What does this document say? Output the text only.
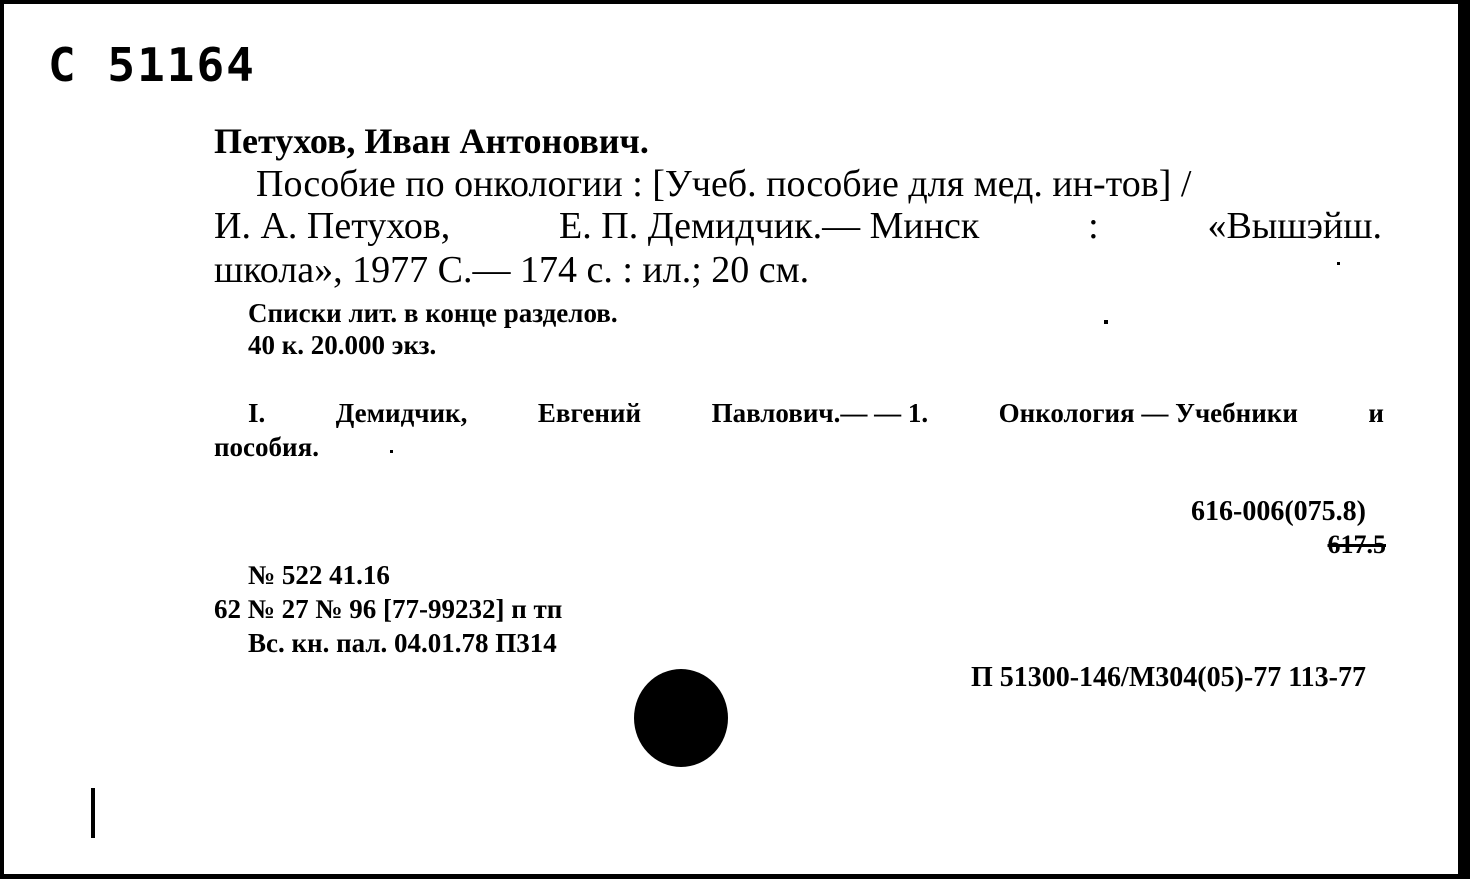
С 51164
Петухов, Иван Антонович.
Пособие по онкологии : [Учеб. пособие для мед. ин-тов] /
И. А. Петухов,	Е. П. Демидчик.— Минск	:	«Вышэйш.
школа», 1977 С.— 174 с. : ил.; 20 см.
Списки лит. в конце разделов.
40 к. 20.000 экз.
I.	Демидчик,	Евгений	Павлович.— — 1.	Онкология — Учебники	и
пособия.
616-006(075.8)
617.5
№ 522 41.16
62 № 27 № 96 [77-99232] п тп
Вс. кн. пал. 04.01.78 П314
П 51300-146/М304(05)-77 113-77
